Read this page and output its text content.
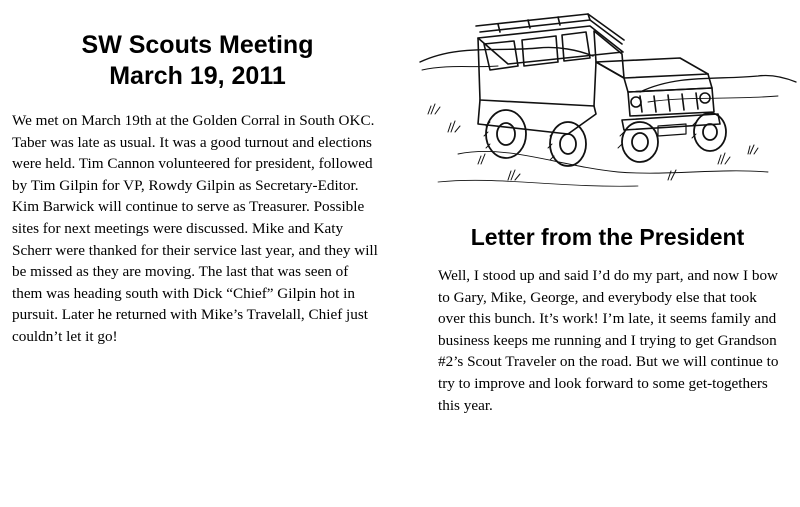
SW Scouts Meeting
March 19, 2011

We met on March 19th at the Golden Corral in South OKC. Taber was late as usual. It was a good turnout and elections were held. Tim Cannon volunteered for president, followed by Tim Gilpin for VP, Rowdy Gilpin as Secretary-Editor. Kim Barwick will continue to serve as Treasurer. Possible sites for next meetings were discussed. Mike and Katy Scherr were thanked for their service last year, and they will be missed as they are moving. The last that was seen of them was heading south with Dick “Chief” Gilpin hot in pursuit. Later he returned with Mike’s Travelall, Chief just couldn’t let it go!

Letter from the President

Well, I stood up and said I’d do my part, and now I bow to Gary, Mike, George, and everybody else that took over this bunch. It’s work! I’m late, it seems family and business keeps me running and I trying to get Grandson #2’s Scout Traveler on the road. But we will continue to try to improve and look forward to some get-togethers this year.
